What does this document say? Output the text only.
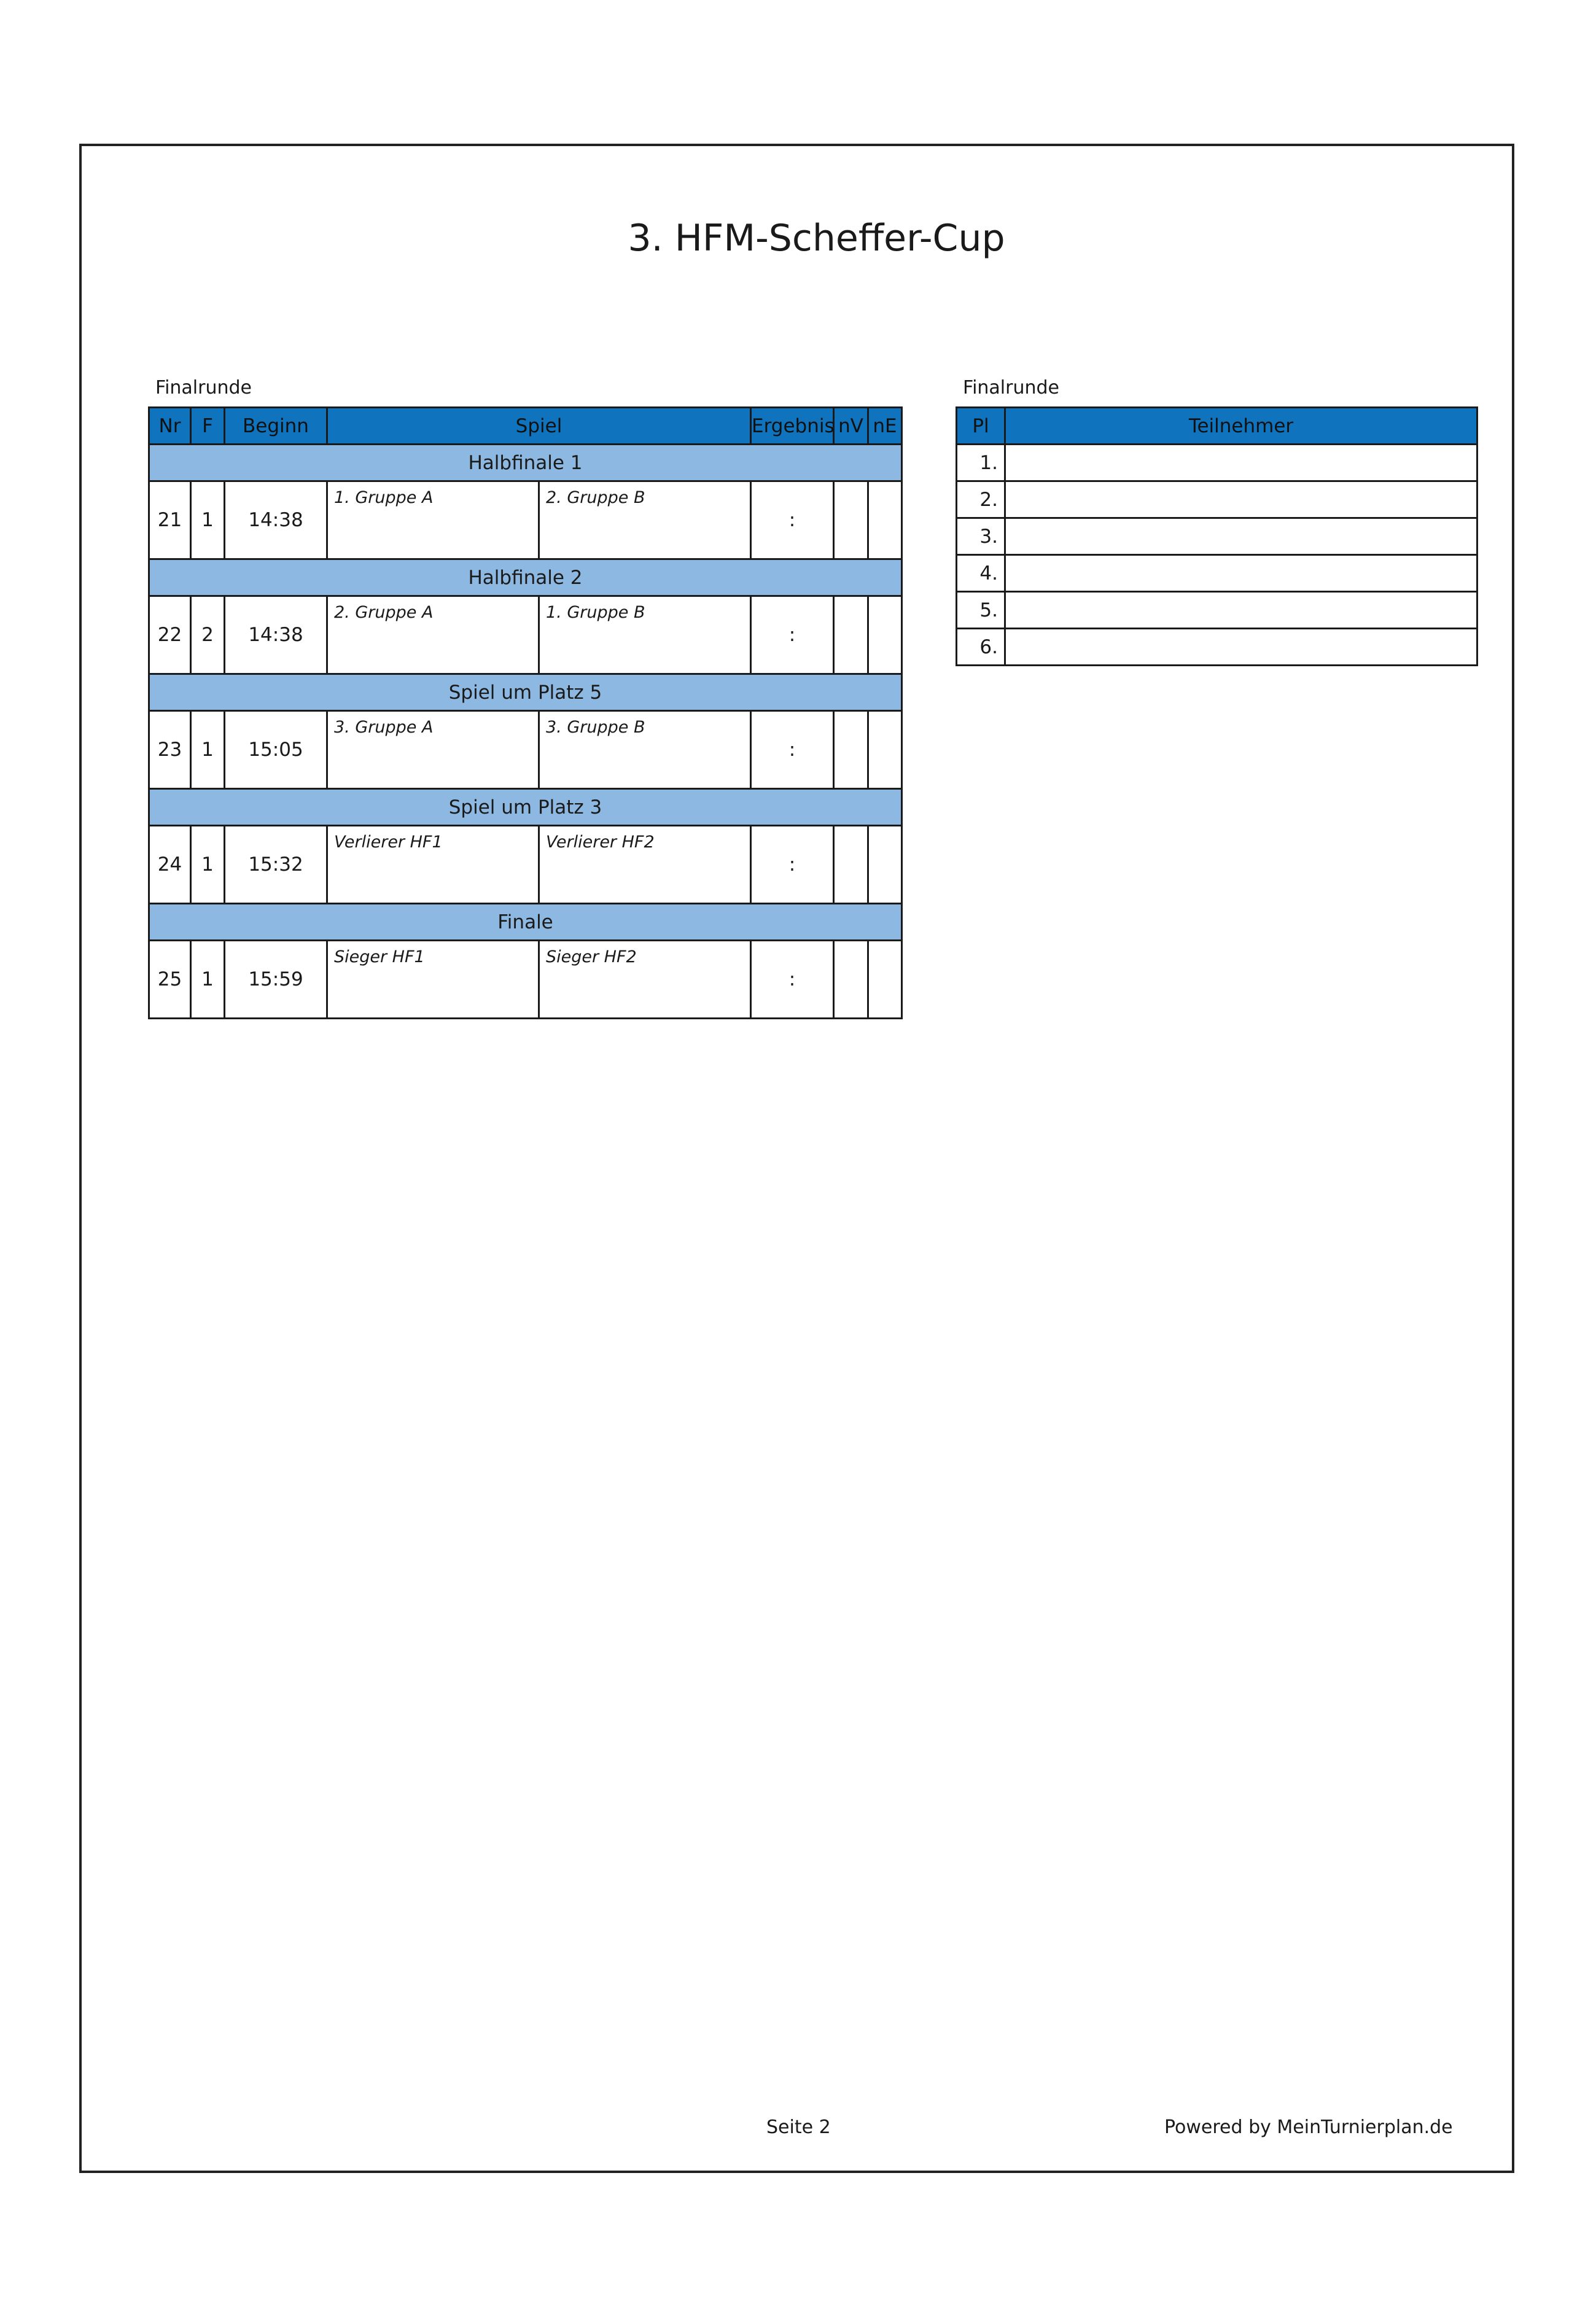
3. HFM-Scheffer-Cup
Finalrunde
Nr	F	Beginn	Spiel		Ergebnis	nV	nE
Halbfinale 1							
21	1	14:38	1. Gruppe A	2. Gruppe B	:		
Halbfinale 2							
22	2	14:38	2. Gruppe A	1. Gruppe B	:		
Spiel um Platz 5							
23	1	15:05	3. Gruppe A	3. Gruppe B	:		
Spiel um Platz 3							
24	1	15:32	Verlierer HF1	Verlierer HF2	:		
Finale							
25	1	15:59	Sieger HF1	Sieger HF2	:		
Finalrunde
Pl	Teilnehmer
1.	
2.	
3.	
4.	
5.	
6.	
Seite 2	Powered by MeinTurnierplan.de
